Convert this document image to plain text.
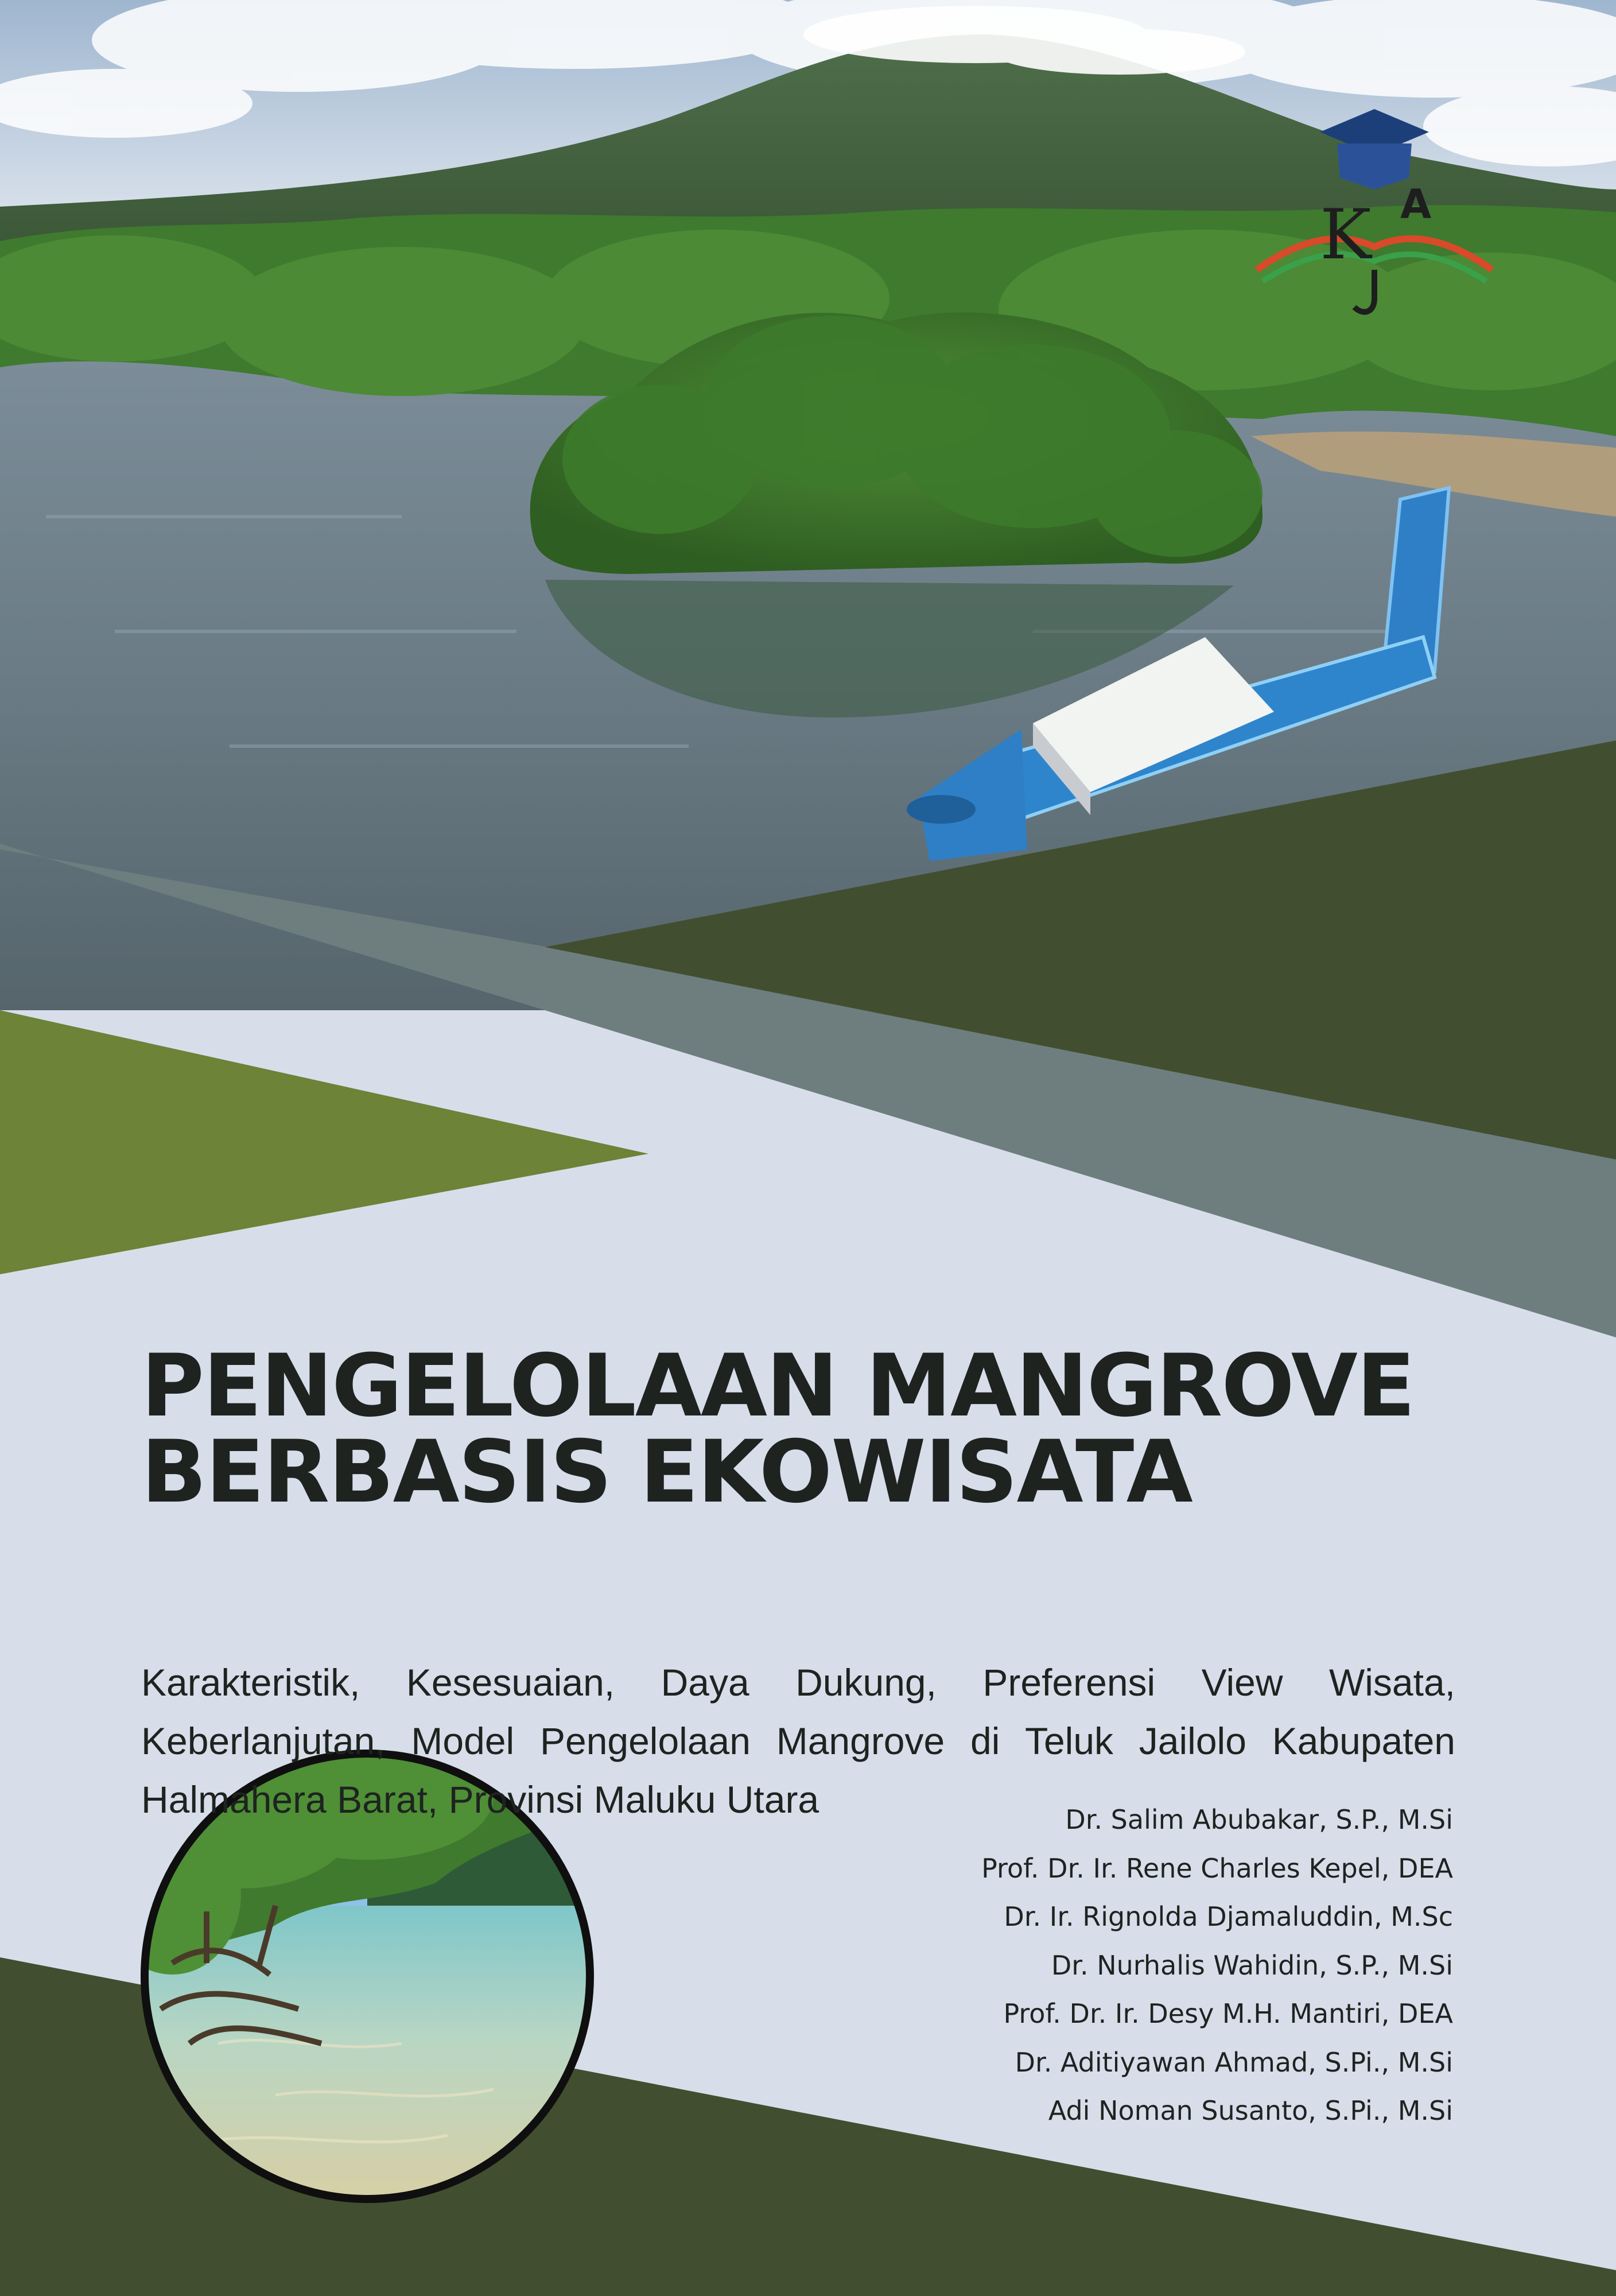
K A
PENGELOLAAN MANGROVE
BERBASIS EKOWISATA

Karakteristik, Kesesuaian, Daya Dukung, Preferensi View Wisata, Keberlanjutan, Model Pengelolaan Mangrove di Teluk Jailolo Kabupaten Halmahera Barat, Provinsi Maluku Utara	Dr. Salim Abubakar, S.P., M.Si
Prof. Dr. Ir. Rene Charles Kepel, DEA
Dr. Ir. Rignolda Djamaluddin, M.Sc
Dr. Nurhalis Wahidin, S.P., M.Si
Prof. Dr. Ir. Desy M.H. Mantiri, DEA
Dr. Aditiyawan Ahmad, S.Pi., M.Si
Adi Noman Susanto, S.Pi., M.Si
